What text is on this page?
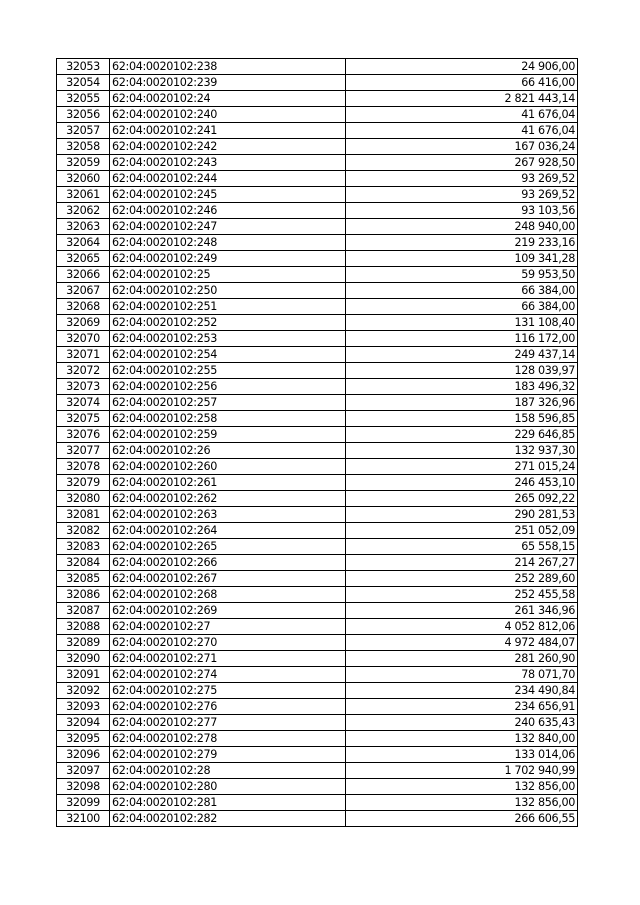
32053	62:04:0020102:238	24 906,00
32054	62:04:0020102:239	66 416,00
32055	62:04:0020102:24	2 821 443,14
32056	62:04:0020102:240	41 676,04
32057	62:04:0020102:241	41 676,04
32058	62:04:0020102:242	167 036,24
32059	62:04:0020102:243	267 928,50
32060	62:04:0020102:244	93 269,52
32061	62:04:0020102:245	93 269,52
32062	62:04:0020102:246	93 103,56
32063	62:04:0020102:247	248 940,00
32064	62:04:0020102:248	219 233,16
32065	62:04:0020102:249	109 341,28
32066	62:04:0020102:25	59 953,50
32067	62:04:0020102:250	66 384,00
32068	62:04:0020102:251	66 384,00
32069	62:04:0020102:252	131 108,40
32070	62:04:0020102:253	116 172,00
32071	62:04:0020102:254	249 437,14
32072	62:04:0020102:255	128 039,97
32073	62:04:0020102:256	183 496,32
32074	62:04:0020102:257	187 326,96
32075	62:04:0020102:258	158 596,85
32076	62:04:0020102:259	229 646,85
32077	62:04:0020102:26	132 937,30
32078	62:04:0020102:260	271 015,24
32079	62:04:0020102:261	246 453,10
32080	62:04:0020102:262	265 092,22
32081	62:04:0020102:263	290 281,53
32082	62:04:0020102:264	251 052,09
32083	62:04:0020102:265	65 558,15
32084	62:04:0020102:266	214 267,27
32085	62:04:0020102:267	252 289,60
32086	62:04:0020102:268	252 455,58
32087	62:04:0020102:269	261 346,96
32088	62:04:0020102:27	4 052 812,06
32089	62:04:0020102:270	4 972 484,07
32090	62:04:0020102:271	281 260,90
32091	62:04:0020102:274	78 071,70
32092	62:04:0020102:275	234 490,84
32093	62:04:0020102:276	234 656,91
32094	62:04:0020102:277	240 635,43
32095	62:04:0020102:278	132 840,00
32096	62:04:0020102:279	133 014,06
32097	62:04:0020102:28	1 702 940,99
32098	62:04:0020102:280	132 856,00
32099	62:04:0020102:281	132 856,00
32100	62:04:0020102:282	266 606,55
